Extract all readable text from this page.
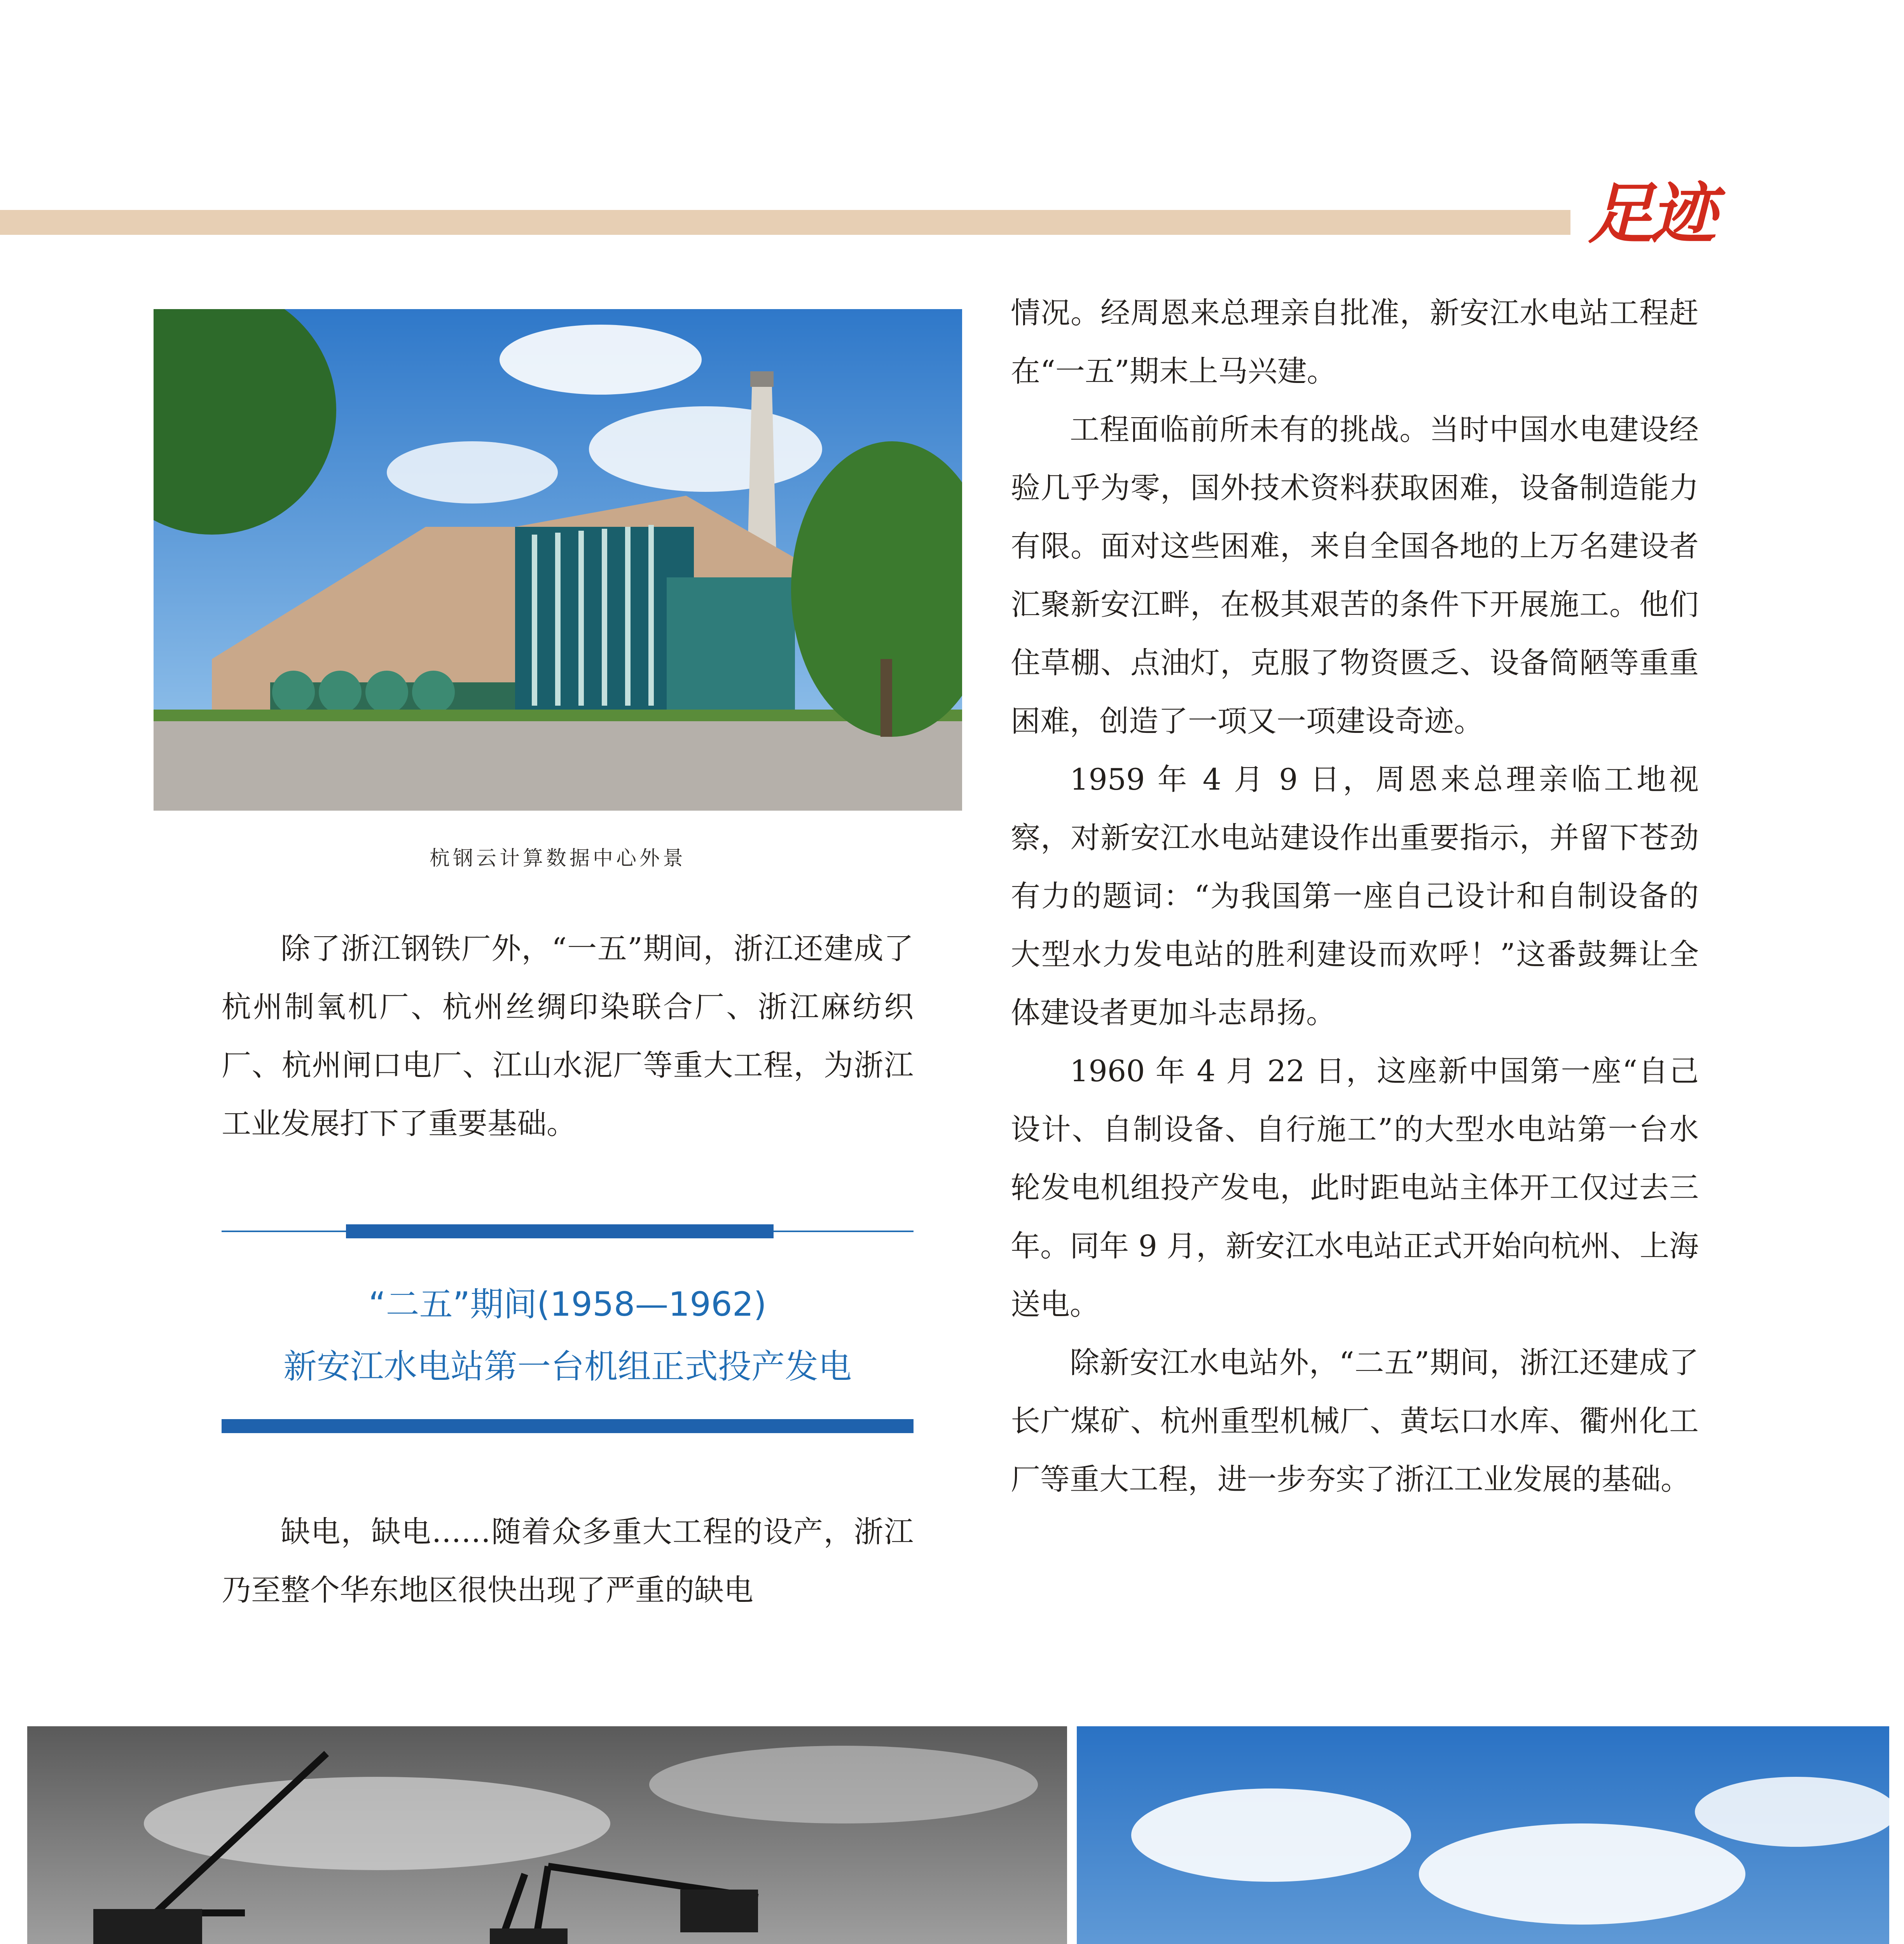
足迹
杭钢云计算数据中心外景

除了浙江钢铁厂外，“一五”期间，浙江还建成了杭州制氧机厂、杭州丝绸印染联合厂、浙江麻纺织厂、杭州闸口电厂、江山水泥厂等重大工程，为浙江工业发展打下了重要基础。

“二五”期间(1958—1962)
新安江水电站第一台机组正式投产发电

缺电，缺电……随着众多重大工程的设产，浙江乃至整个华东地区很快出现了严重的缺电

情况。经周恩来总理亲自批准，新安江水电站工程赶在“一五”期末上马兴建。

工程面临前所未有的挑战。当时中国水电建设经验几乎为零，国外技术资料获取困难，设备制造能力有限。面对这些困难，来自全国各地的上万名建设者汇聚新安江畔，在极其艰苦的条件下开展施工。他们住草棚、点油灯，克服了物资匮乏、设备简陋等重重困难，创造了一项又一项建设奇迹。

1959 年 4 月 9 日，周恩来总理亲临工地视察，对新安江水电站建设作出重要指示，并留下苍劲有力的题词：“为我国第一座自己设计和自制设备的大型水力发电站的胜利建设而欢呼！”这番鼓舞让全体建设者更加斗志昂扬。

1960 年 4 月 22 日，这座新中国第一座“自己设计、自制设备、自行施工”的大型水电站第一台水轮发电机组投产发电，此时距电站主体开工仅过去三年。同年 9 月，新安江水电站正式开始向杭州、上海送电。

除新安江水电站外，“二五”期间，浙江还建成了长广煤矿、杭州重型机械厂、黄坛口水库、衢州化工厂等重大工程，进一步夯实了浙江工业发展的基础。
